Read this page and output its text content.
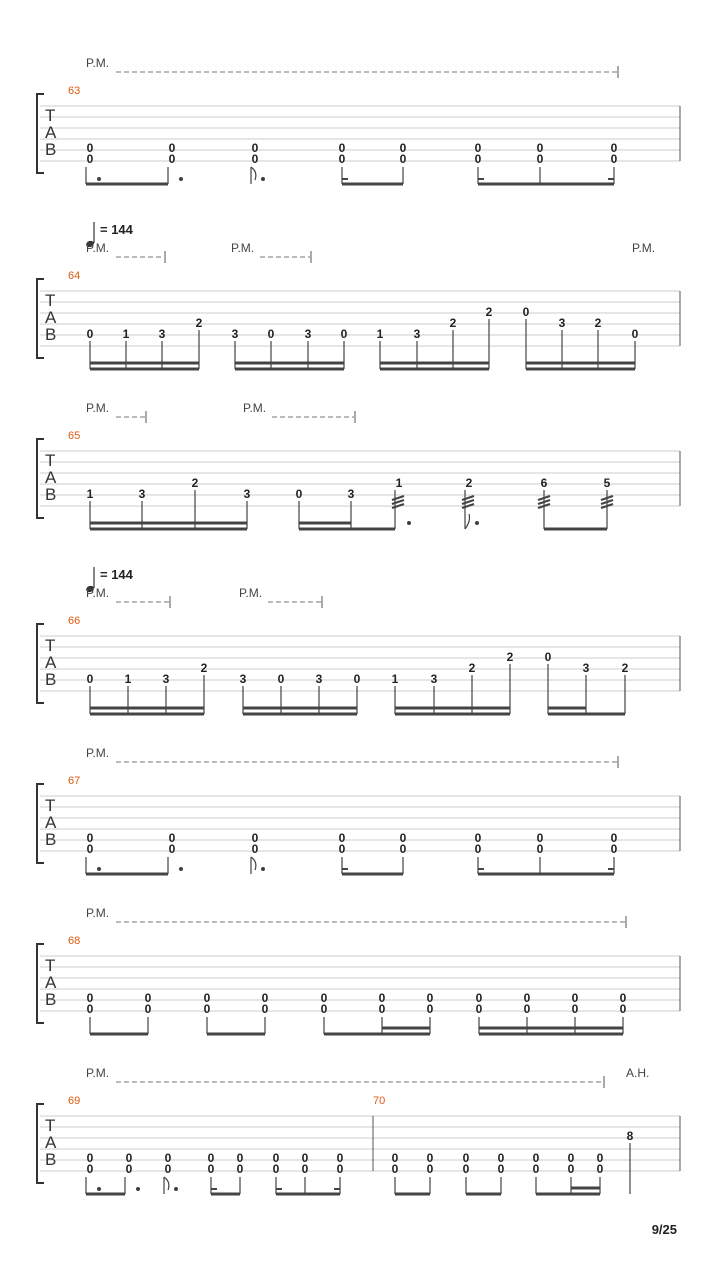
P.M.
63
T
A
B	0
0
0
0
0
0
0
0
0
0
0
0
0
0
0
0
= 144
P.M.	P.M.	P.M.
64
T
A
B	0 1 3
2
3 0	3 0 1	3
2
2	0
3 2
0
P.M.	P.M.
65
T
A
B	1	3
2
3	0	3
1	2	6	5
= 144
P.M.	P.M.
66
T
A
B	0	1	3
2
3	0	3	0	1	3
2
2	0
3	2
P.M.
67
T
A
B	0
0
0
0
0
0
0
0
0
0
0
0
0
0
0
0
P.M.
68
T
A
B	0
0
0
0
0
0
0
0
0
0
0
0
0
0
0
0
0
0
0
0
0
0
P.M.	A.H.
69	70
T
A
B	0
0
0
0
0
0
0
0
0
0
0
0
0
0
0
0
0
0
0
0
0
0
0
0
0
0
0
0
0
0
8
9/25
